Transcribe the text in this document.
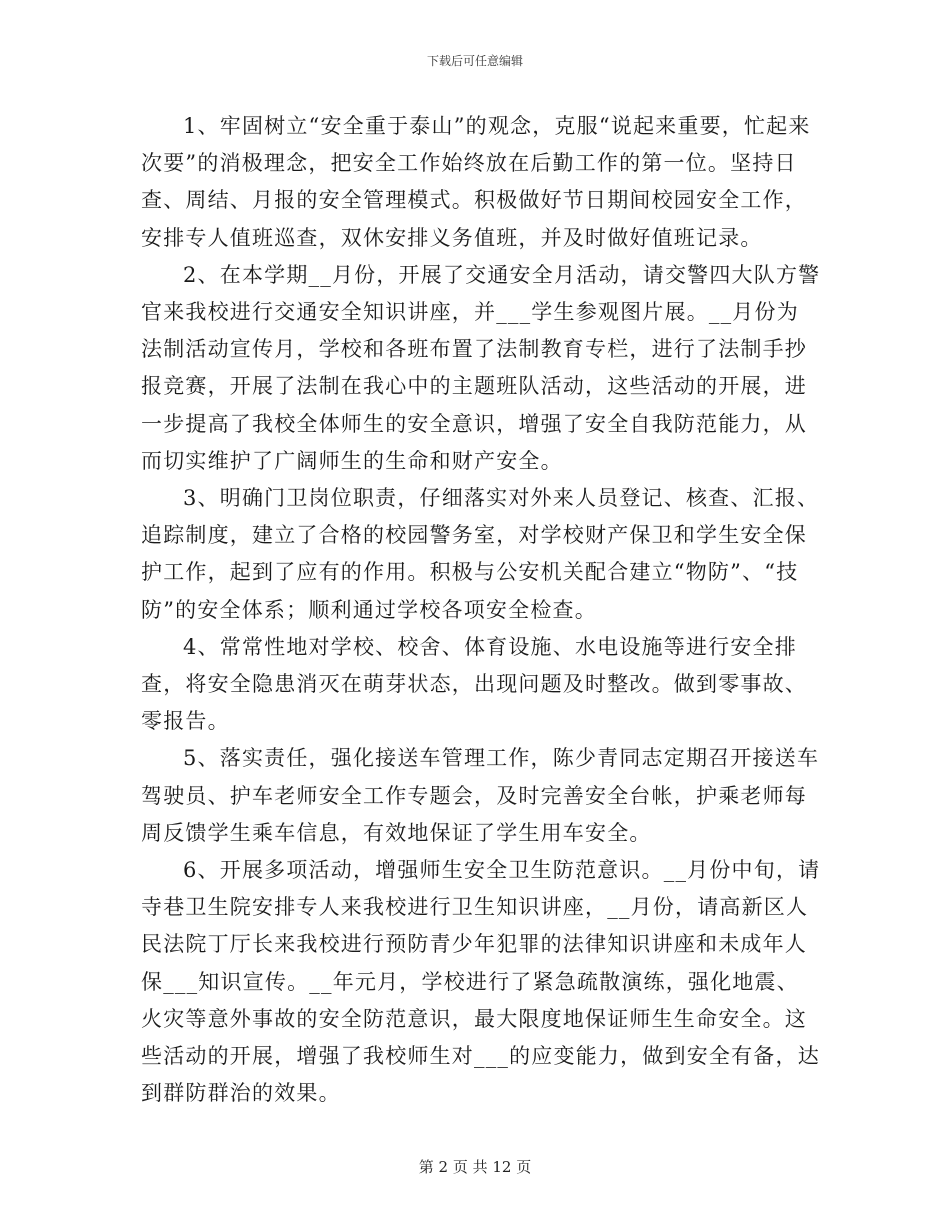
下载后可任意编辑

1、牢固树立“安全重于泰山”的观念，克服“说起来重要，忙起来次要”的消极理念，把安全工作始终放在后勤工作的第一位。坚持日查、周结、月报的安全管理模式。积极做好节日期间校园安全工作，安排专人值班巡查，双休安排义务值班，并及时做好值班记录。

2、在本学期__月份，开展了交通安全月活动，请交警四大队方警官来我校进行交通安全知识讲座，并___学生参观图片展。__月份为法制活动宣传月，学校和各班布置了法制教育专栏，进行了法制手抄报竞赛，开展了法制在我心中的主题班队活动，这些活动的开展，进一步提高了我校全体师生的安全意识，增强了安全自我防范能力，从而切实维护了广阔师生的生命和财产安全。

3、明确门卫岗位职责，仔细落实对外来人员登记、核查、汇报、追踪制度，建立了合格的校园警务室，对学校财产保卫和学生安全保护工作，起到了应有的作用。积极与公安机关配合建立“物防”、“技防”的安全体系；顺利通过学校各项安全检查。

4、常常性地对学校、校舍、体育设施、水电设施等进行安全排查，将安全隐患消灭在萌芽状态，出现问题及时整改。做到零事故、零报告。

5、落实责任，强化接送车管理工作，陈少青同志定期召开接送车驾驶员、护车老师安全工作专题会，及时完善安全台帐，护乘老师每周反馈学生乘车信息，有效地保证了学生用车安全。

6、开展多项活动，增强师生安全卫生防范意识。__月份中旬，请寺巷卫生院安排专人来我校进行卫生知识讲座，__月份，请高新区人民法院丁厅长来我校进行预防青少年犯罪的法律知识讲座和未成年人保___知识宣传。__年元月，学校进行了紧急疏散演练，强化地震、火灾等意外事故的安全防范意识，最大限度地保证师生生命安全。这些活动的开展，增强了我校师生对___的应变能力，做到安全有备，达到群防群治的效果。

第 2 页 共 12 页
